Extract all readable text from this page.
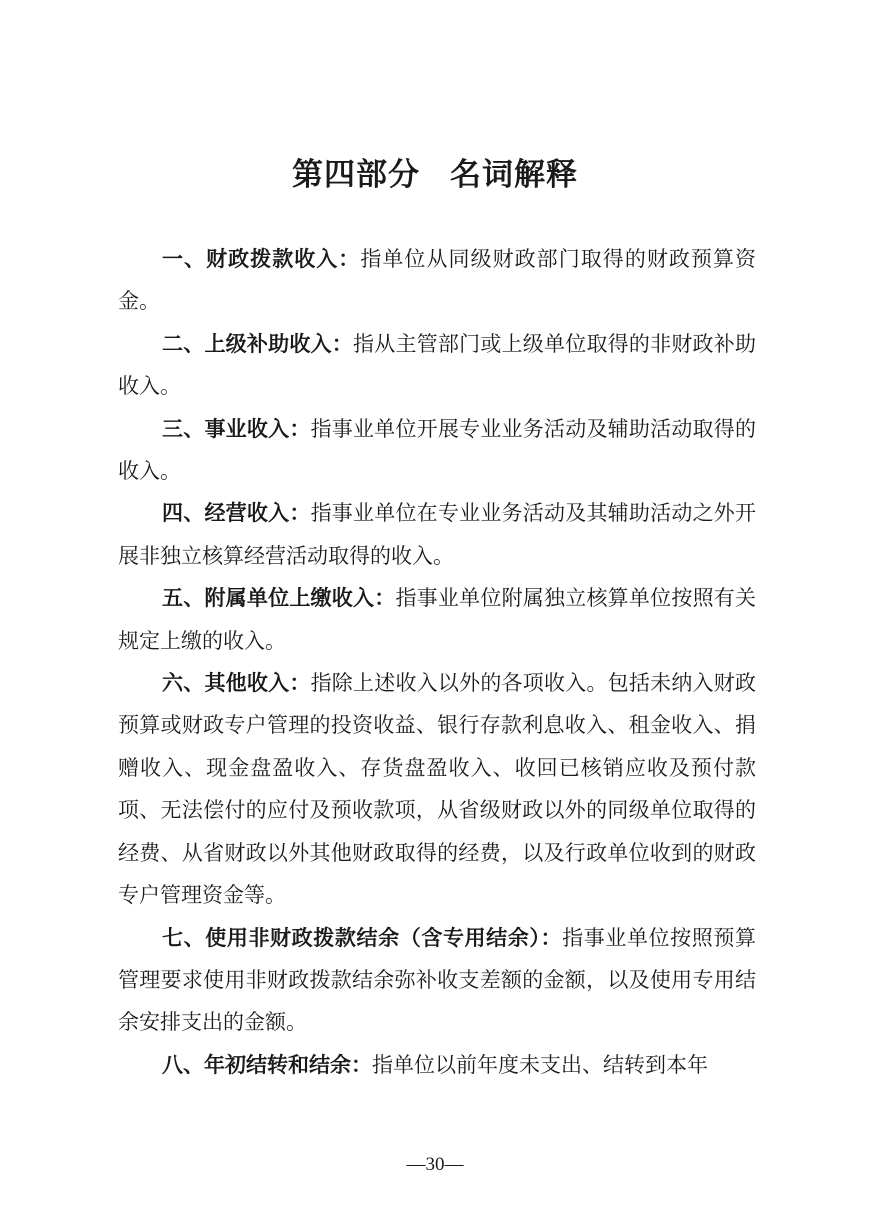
第四部分 名词解释

一、财政拨款收入：指单位从同级财政部门取得的财政预算资金。

二、上级补助收入：指从主管部门或上级单位取得的非财政补助收入。

三、事业收入：指事业单位开展专业业务活动及辅助活动取得的收入。

四、经营收入：指事业单位在专业业务活动及其辅助活动之外开展非独立核算经营活动取得的收入。

五、附属单位上缴收入：指事业单位附属独立核算单位按照有关规定上缴的收入。

六、其他收入：指除上述收入以外的各项收入。包括未纳入财政预算或财政专户管理的投资收益、银行存款利息收入、租金收入、捐赠收入、现金盘盈收入、存货盘盈收入、收回已核销应收及预付款项、无法偿付的应付及预收款项，从省级财政以外的同级单位取得的经费、从省财政以外其他财政取得的经费，以及行政单位收到的财政专户管理资金等。

七、使用非财政拨款结余（含专用结余）：指事业单位按照预算管理要求使用非财政拨款结余弥补收支差额的金额，以及使用专用结余安排支出的金额。

八、年初结转和结余：指单位以前年度未支出、结转到本年

—30—
